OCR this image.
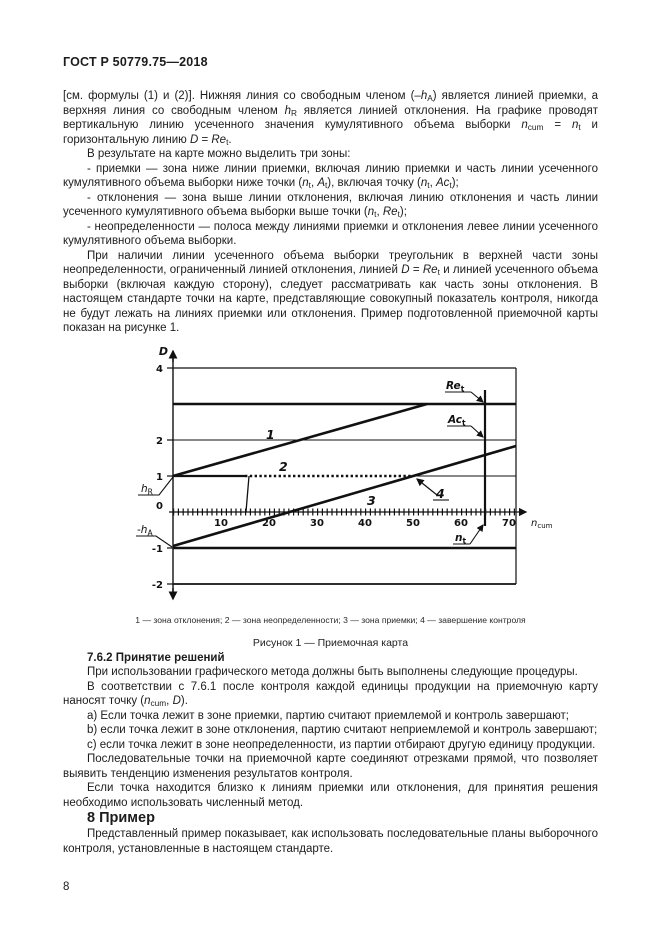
ГОСТ Р 50779.75—2018

[см. формулы (1) и (2)]. Нижняя линия со свободным членом $(-h_A)$ является линией приемки, а верхняя линия со свободным членом $h_R$ является линией отклонения. На графике проводят вертикальную линию усеченного значения кумулятивного объема выборки $n_{cum} = n_t$ и горизонтальную линию $D = Re_t$.

В результате на карте можно выделить три зоны:

- приемки — зона ниже линии приемки, включая линию приемки и часть линии усеченного кумулятивного объема выборки ниже точки ($n_t$, $A_t$), включая точку ($n_t$, $Ac_t$);

- отклонения — зона выше линии отклонения, включая линию отклонения и часть линии усеченного кумулятивного объема выборки выше точки ($n_t$, $Re_t$);

- неопределенности — полоса между линиями приемки и отклонения левее линии усеченного кумулятивного объема выборки.

При наличии линии усеченного объема выборки треугольник в верхней части зоны неопределенности, ограниченный линией отклонения, линией $D = Re_t$ и линией усеченного объема выборки (включая каждую сторону), следует рассматривать как часть зоны отклонения. В настоящем стандарте точки на карте, представляющие совокупный показатель контроля, никогда не будут лежать на линиях приемки или отклонения. Пример подготовленной приемочной карты показан на рисунке 1.

D
$n_{cum}$
4
2
1
0
-1
-2
10	20	30	40	50	60	70
$h_R$
$-h_A$
$Re_t$
$Ac_t$
$n_t$
1
2
3	4
1 — зона отклонения; 2 — зона неопределенности; 3 — зона приемки; 4 — завершение контроля
Рисунок 1 — Приемочная карта

7.6.2 Принятие решений

При использовании графического метода должны быть выполнены следующие процедуры.

В соответствии с 7.6.1 после контроля каждой единицы продукции на приемочную карту наносят точку ($n_{cum}$, D).

a) Если точка лежит в зоне приемки, партию считают приемлемой и контроль завершают;

b) если точка лежит в зоне отклонения, партию считают неприемлемой и контроль завершают;

c) если точка лежит в зоне неопределенности, из партии отбирают другую единицу продукции.

Последовательные точки на приемочной карте соединяют отрезками прямой, что позволяет выявить тенденцию изменения результатов контроля.

Если точка находится близко к линиям приемки или отклонения, для принятия решения необходимо использовать численный метод.

8 Пример

Представленный пример показывает, как использовать последовательные планы выборочного контроля, установленные в настоящем стандарте.

8
